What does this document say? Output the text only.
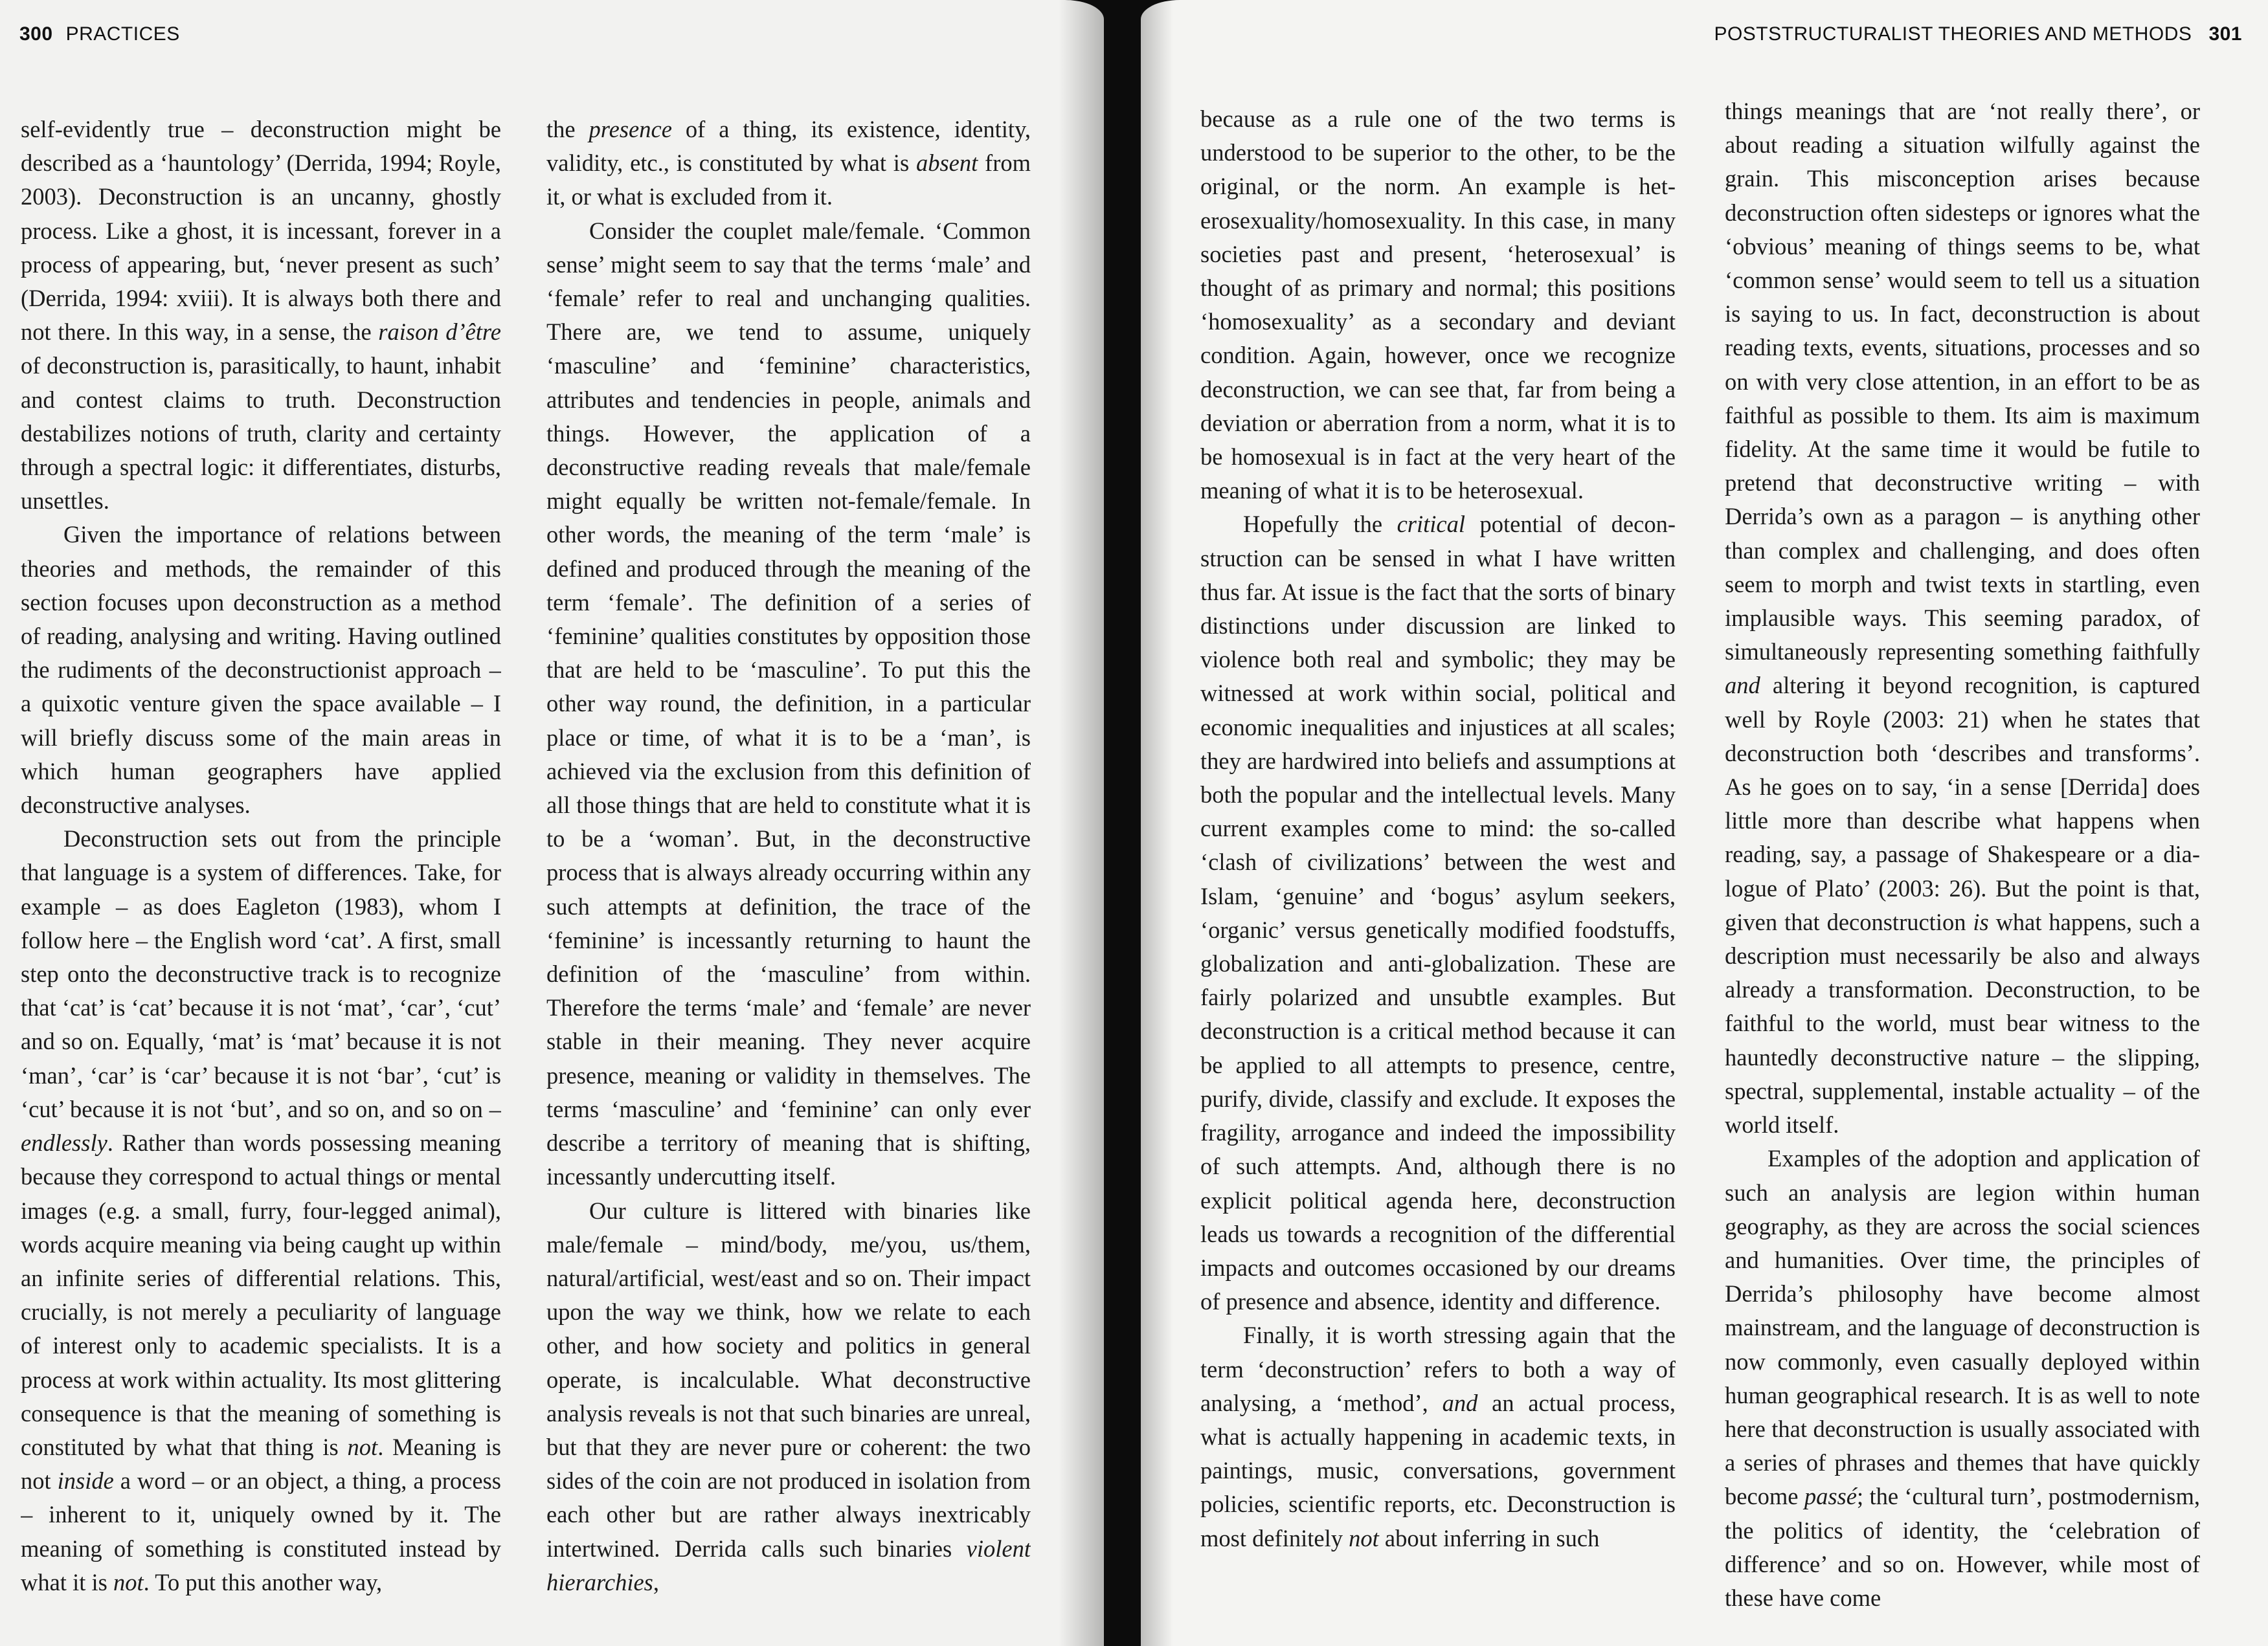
300 PRACTICES

self-evidently true – deconstruction might be described as a ‘hauntology’ (Derrida, 1994; Royle, 2003). Deconstruction is an uncanny, ghostly process. Like a ghost, it is incessant, forever in a process of appearing, but, ‘never present as such’ (Derrida, 1994: xviii). It is always both there and not there. In this way, in a sense, the raison d’être of deconstruction is, parasitically, to haunt, inhabit and contest claims to truth. Deconstruction destabilizes notions of truth, clarity and certainty through a spectral logic: it differentiates, disturbs, unsettles.

Given the importance of relations between theories and methods, the remainder of this section focuses upon deconstruction as a method of reading, analysing and writing. Having outlined the rudiments of the deconstructionist approach – a quixotic venture given the space available – I will briefly discuss some of the main areas in which human geographers have applied deconstructive analyses.

Deconstruction sets out from the principle that language is a system of differences. Take, for example – as does Eagleton (1983), whom I follow here – the English word ‘cat’. A first, small step onto the deconstructive track is to recognize that ‘cat’ is ‘cat’ because it is not ‘mat’, ‘car’, ‘cut’ and so on. Equally, ‘mat’ is ‘mat’ because it is not ‘man’, ‘car’ is ‘car’ because it is not ‘bar’, ‘cut’ is ‘cut’ because it is not ‘but’, and so on, and so on – endlessly. Rather than words possessing meaning because they correspond to actual things or mental images (e.g. a small, furry, four-legged animal), words acquire meaning via being caught up within an infinite series of differential relations. This, crucially, is not merely a peculiarity of language of interest only to academic specialists. It is a process at work within actuality. Its most glittering consequence is that the meaning of something is constituted by what that thing is not. Meaning is not inside a word – or an object, a thing, a process – inherent to it, uniquely owned by it. The meaning of something is constituted instead by what it is not. To put this another way,

the presence of a thing, its existence, identity, validity, etc., is constituted by what is absent from it, or what is excluded from it.

Consider the couplet male/female. ‘Common sense’ might seem to say that the terms ‘male’ and ‘female’ refer to real and unchanging qualities. There are, we tend to assume, uniquely ‘masculine’ and ‘feminine’ characteristics, attributes and tendencies in people, animals and things. However, the application of a deconstructive reading reveals that male/female might equally be written not-female/female. In other words, the meaning of the term ‘male’ is defined and produced through the meaning of the term ‘female’. The definition of a series of ‘feminine’ qualities constitutes by opposition those that are held to be ‘masculine’. To put this the other way round, the definition, in a particular place or time, of what it is to be a ‘man’, is achieved via the exclusion from this definition of all those things that are held to constitute what it is to be a ‘woman’. But, in the deconstructive process that is always already occurring within any such attempts at definition, the trace of the ‘feminine’ is incessantly returning to haunt the definition of the ‘masculine’ from within. Therefore the terms ‘male’ and ‘female’ are never stable in their meaning. They never acquire presence, meaning or validity in themselves. The terms ‘masculine’ and ‘feminine’ can only ever describe a territory of meaning that is shifting, incessantly undercutting itself.

Our culture is littered with binaries like male/female – mind/body, me/you, us/them, natural/artificial, west/east and so on. Their impact upon the way we think, how we relate to each other, and how society and politics in general operate, is incalculable. What deconstructive analysis reveals is not that such binaries are unreal, but that they are never pure or coherent: the two sides of the coin are not produced in isolation from each other but are rather always inextricably intertwined. Derrida calls such binaries violent hierarchies,

POSTSTRUCTURALIST THEORIES AND METHODS 301

because as a rule one of the two terms is understood to be superior to the other, to be the original, or the norm. An example is heterosexuality/homosexuality. In this case, in many societies past and present, ‘heterosexual’ is thought of as primary and normal; this positions ‘homosexuality’ as a secondary and deviant condition. Again, however, once we recognize deconstruction, we can see that, far from being a deviation or aberration from a norm, what it is to be homosexual is in fact at the very heart of the meaning of what it is to be heterosexual.

Hopefully the critical potential of deconstruction can be sensed in what I have written thus far. At issue is the fact that the sorts of binary distinctions under discussion are linked to violence both real and symbolic; they may be witnessed at work within social, political and economic inequalities and injustices at all scales; they are hardwired into beliefs and assumptions at both the popular and the intellectual levels. Many current examples come to mind: the so-called ‘clash of civilizations’ between the west and Islam, ‘genuine’ and ‘bogus’ asylum seekers, ‘organic’ versus genetically modified foodstuffs, globalization and anti-globalization. These are fairly polarized and unsubtle examples. But deconstruction is a critical method because it can be applied to all attempts to presence, centre, purify, divide, classify and exclude. It exposes the fragility, arrogance and indeed the impossibility of such attempts. And, although there is no explicit political agenda here, deconstruction leads us towards a recognition of the differential impacts and outcomes occasioned by our dreams of presence and absence, identity and difference.

Finally, it is worth stressing again that the term ‘deconstruction’ refers to both a way of analysing, a ‘method’, and an actual process, what is actually happening in academic texts, in paintings, music, conversations, government policies, scientific reports, etc. Deconstruction is most definitely not about inferring in such

things meanings that are ‘not really there’, or about reading a situation wilfully against the grain. This misconception arises because deconstruction often sidesteps or ignores what the ‘obvious’ meaning of things seems to be, what ‘common sense’ would seem to tell us a situation is saying to us. In fact, deconstruction is about reading texts, events, situations, processes and so on with very close attention, in an effort to be as faithful as possible to them. Its aim is maximum fidelity. At the same time it would be futile to pretend that deconstructive writing – with Derrida’s own as a paragon – is anything other than complex and challenging, and does often seem to morph and twist texts in startling, even implausible ways. This seeming paradox, of simultaneously representing something faithfully and altering it beyond recognition, is captured well by Royle (2003: 21) when he states that deconstruction both ‘describes and transforms’. As he goes on to say, ‘in a sense [Derrida] does little more than describe what happens when reading, say, a passage of Shakespeare or a dialogue of Plato’ (2003: 26). But the point is that, given that deconstruction is what happens, such a description must necessarily be also and always already a transformation. Deconstruction, to be faithful to the world, must bear witness to the hauntedly deconstructive nature – the slipping, spectral, supplemental, instable actuality – of the world itself.

Examples of the adoption and application of such an analysis are legion within human geography, as they are across the social sciences and humanities. Over time, the principles of Derrida’s philosophy have become almost mainstream, and the language of deconstruction is now commonly, even casually deployed within human geographical research. It is as well to note here that deconstruction is usually associated with a series of phrases and themes that have quickly become passé; the ‘cultural turn’, postmodernism, the politics of identity, the ‘celebration of difference’ and so on. However, while most of these have come
